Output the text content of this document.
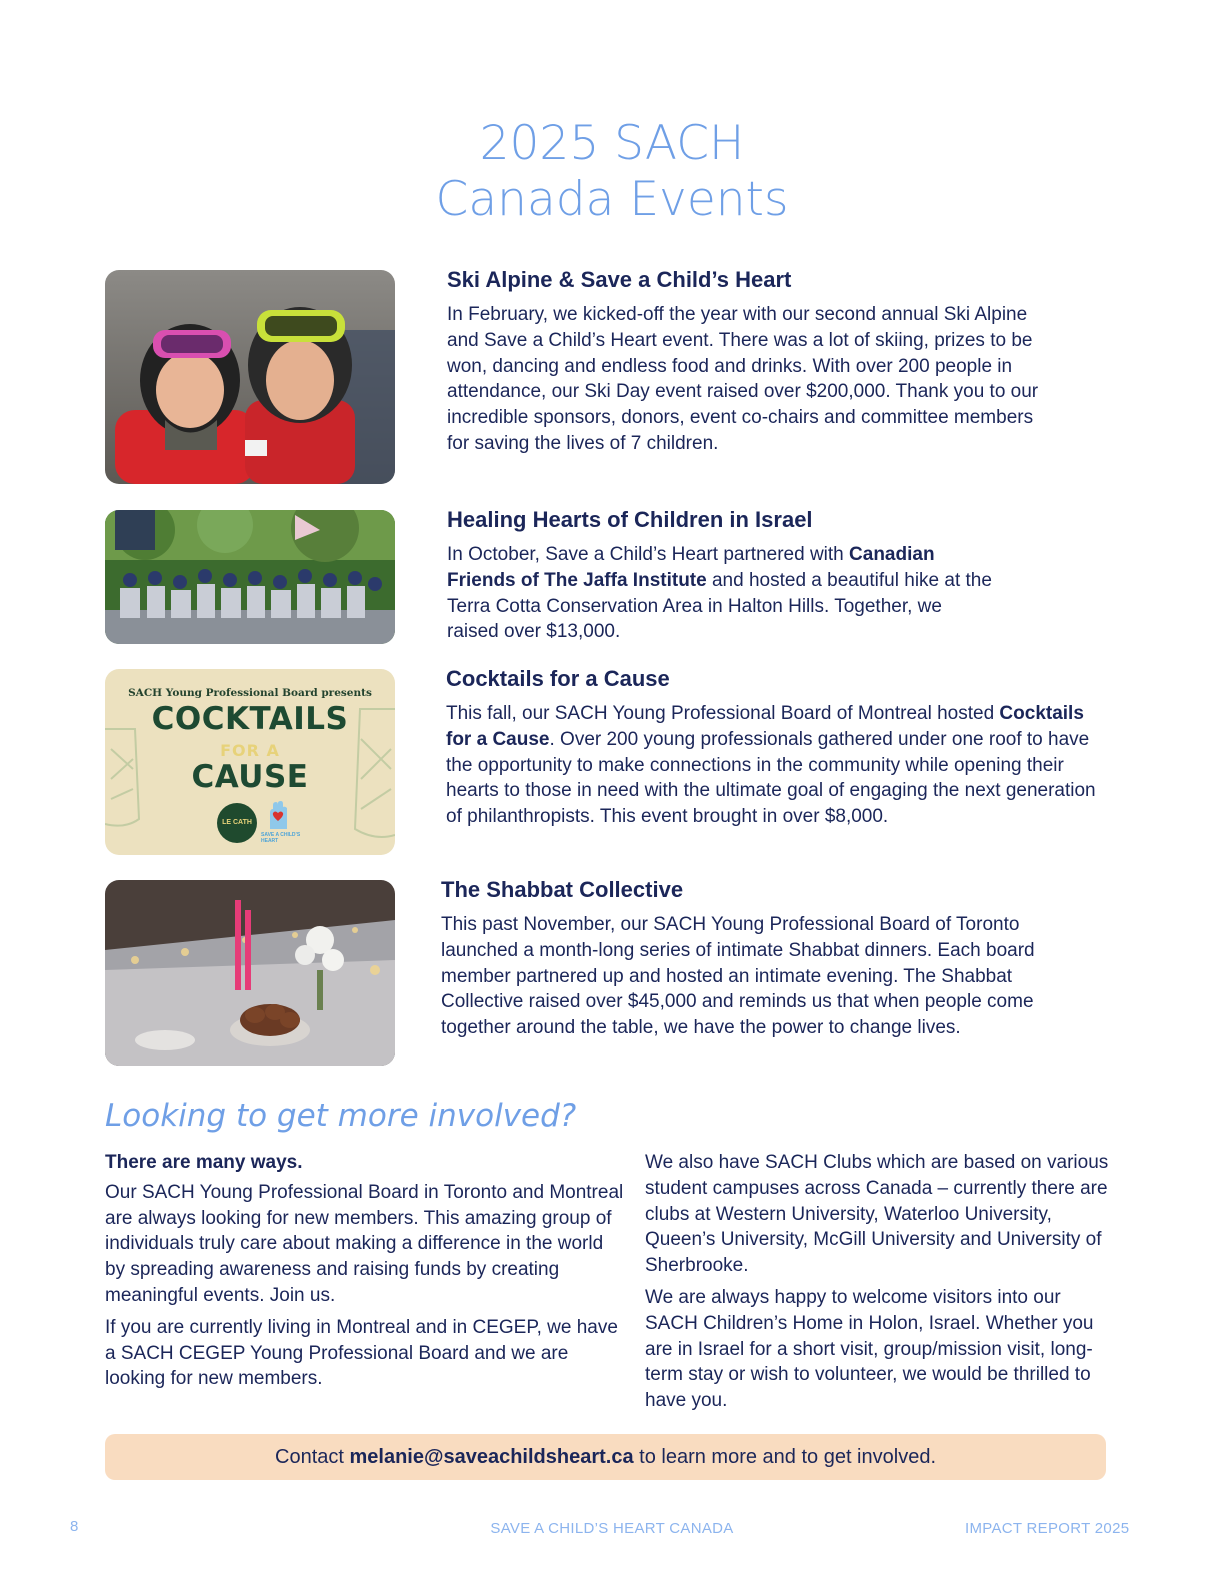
2025 SACH
Canada Events
SACH Young Professional Board presents
COCKTAILS
FOR A
CAUSE
LE CATH
SAVE A CHILD’S HEART
Ski Alpine & Save a Child’s Heart

In February, we kicked-off the year with our second annual Ski Alpine and Save a Child’s Heart event. There was a lot of skiing, prizes to be won, dancing and endless food and drinks. With over 200 people in attendance, our Ski Day event raised over $200,000. Thank you to our incredible sponsors, donors, event co-chairs and committee members for saving the lives of 7 children.

Healing Hearts of Children in Israel

In October, Save a Child’s Heart partnered with Canadian Friends of The Jaffa Institute and hosted a beautiful hike at the Terra Cotta Conservation Area in Halton Hills. Together, we raised over $13,000.

Cocktails for a Cause

This fall, our SACH Young Professional Board of Montreal hosted Cocktails for a Cause. Over 200 young professionals gathered under one roof to have the opportunity to make connections in the community while opening their hearts to those in need with the ultimate goal of engaging the next generation of philanthropists. This event brought in over $8,000.

The Shabbat Collective

This past November, our SACH Young Professional Board of Toronto launched a month-long series of intimate Shabbat dinners. Each board member partnered up and hosted an intimate evening. The Shabbat Collective raised over $45,000 and reminds us that when people come together around the table, we have the power to change lives.

Looking to get more involved?

There are many ways.

Our SACH Young Professional Board in Toronto and Montreal are always looking for new members. This amazing group of individuals truly care about making a difference in the world by spreading awareness and raising funds by creating meaningful events. Join us.

If you are currently living in Montreal and in CEGEP, we have a SACH CEGEP Young Professional Board and we are looking for new members.

We also have SACH Clubs which are based on various student campuses across Canada – currently there are clubs at Western University, Waterloo University, Queen’s University, McGill University and University of Sherbrooke.

We are always happy to welcome visitors into our SACH Children’s Home in Holon, Israel. Whether you are in Israel for a short visit, group/mission visit, long-term stay or wish to volunteer, we would be thrilled to have you.

Contact melanie@saveachildsheart.ca to learn more and to get involved.
8	SAVE A CHILD’S HEART CANADA	IMPACT REPORT 2025
